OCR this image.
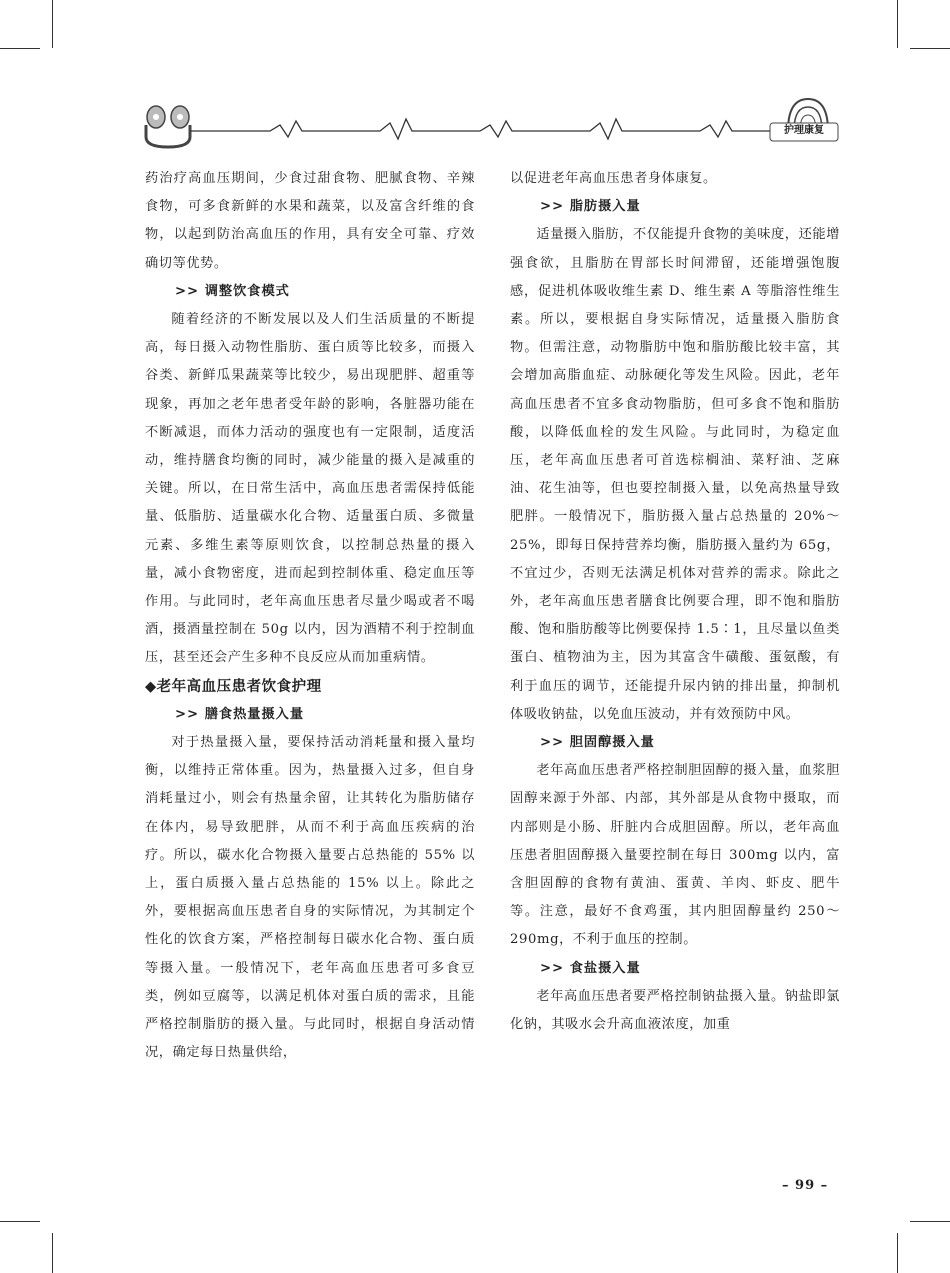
护理康复

药治疗高血压期间，少食过甜食物、肥腻食物、辛辣食物，可多食新鲜的水果和蔬菜，以及富含纤维的食物，以起到防治高血压的作用，具有安全可靠、疗效确切等优势。

>> 调整饮食模式

随着经济的不断发展以及人们生活质量的不断提高，每日摄入动物性脂肪、蛋白质等比较多，而摄入谷类、新鲜瓜果蔬菜等比较少，易出现肥胖、超重等现象，再加之老年患者受年龄的影响，各脏器功能在不断减退，而体力活动的强度也有一定限制，适度活动，维持膳食均衡的同时，减少能量的摄入是减重的关键。所以，在日常生活中，高血压患者需保持低能量、低脂肪、适量碳水化合物、适量蛋白质、多微量元素、多维生素等原则饮食，以控制总热量的摄入量，减小食物密度，进而起到控制体重、稳定血压等作用。与此同时，老年高血压患者尽量少喝或者不喝酒，摄酒量控制在 50g 以内，因为酒精不利于控制血压，甚至还会产生多种不良反应从而加重病情。

◆老年高血压患者饮食护理
>> 膳食热量摄入量

对于热量摄入量，要保持活动消耗量和摄入量均衡，以维持正常体重。因为，热量摄入过多，但自身消耗量过小，则会有热量余留，让其转化为脂肪储存在体内，易导致肥胖，从而不利于高血压疾病的治疗。所以，碳水化合物摄入量要占总热能的 55% 以上，蛋白质摄入量占总热能的 15% 以上。除此之外，要根据高血压患者自身的实际情况，为其制定个性化的饮食方案，严格控制每日碳水化合物、蛋白质等摄入量。一般情况下，老年高血压患者可多食豆类，例如豆腐等，以满足机体对蛋白质的需求，且能严格控制脂肪的摄入量。与此同时，根据自身活动情况，确定每日热量供给，

以促进老年高血压患者身体康复。

>> 脂肪摄入量

适量摄入脂肪，不仅能提升食物的美味度，还能增强食欲，且脂肪在胃部长时间滞留，还能增强饱腹感，促进机体吸收维生素 D、维生素 A 等脂溶性维生素。所以，要根据自身实际情况，适量摄入脂肪食物。但需注意，动物脂肪中饱和脂肪酸比较丰富，其会增加高脂血症、动脉硬化等发生风险。因此，老年高血压患者不宜多食动物脂肪，但可多食不饱和脂肪酸，以降低血栓的发生风险。与此同时，为稳定血压，老年高血压患者可首选棕榈油、菜籽油、芝麻油、花生油等，但也要控制摄入量，以免高热量导致肥胖。一般情况下，脂肪摄入量占总热量的 20%～25%，即每日保持营养均衡，脂肪摄入量约为 65g，不宜过少，否则无法满足机体对营养的需求。除此之外，老年高血压患者膳食比例要合理，即不饱和脂肪酸、饱和脂肪酸等比例要保持 1.5∶1，且尽量以鱼类蛋白、植物油为主，因为其富含牛磺酸、蛋氨酸，有利于血压的调节，还能提升尿内钠的排出量，抑制机体吸收钠盐，以免血压波动，并有效预防中风。

>> 胆固醇摄入量

老年高血压患者严格控制胆固醇的摄入量，血浆胆固醇来源于外部、内部，其外部是从食物中摄取，而内部则是小肠、肝脏内合成胆固醇。所以，老年高血压患者胆固醇摄入量要控制在每日 300mg 以内，富含胆固醇的食物有黄油、蛋黄、羊肉、虾皮、肥牛等。注意，最好不食鸡蛋，其内胆固醇量约 250～290mg，不利于血压的控制。

>> 食盐摄入量

老年高血压患者要严格控制钠盐摄入量。钠盐即氯化钠，其吸水会升高血液浓度，加重

– 99 –
